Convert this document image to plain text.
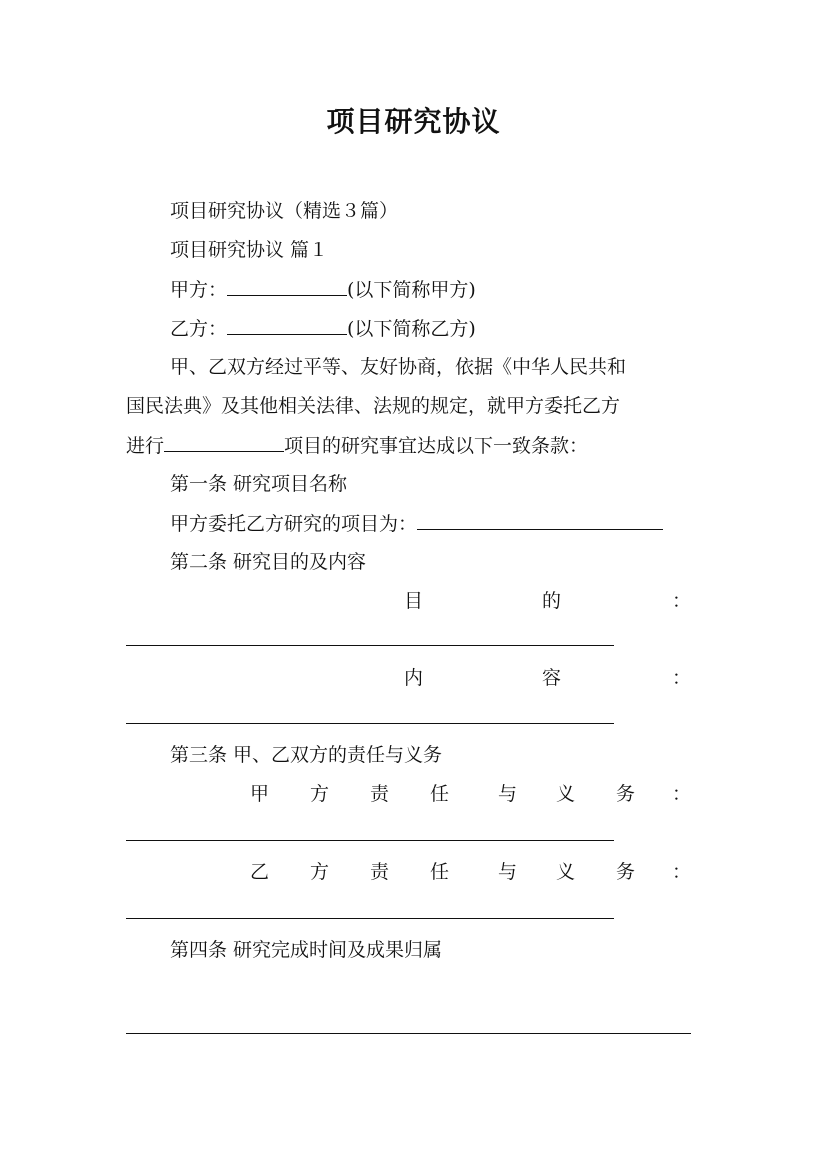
项目研究协议
项目研究协议（精选３篇）
项目研究协议 篇１
甲方：	(以下简称甲方)
乙方：	(以下简称乙方)
甲、乙双方经过平等、友好协商，依据《中华人民共和
国民法典》及其他相关法律、法规的规定，就甲方委托乙方
进行	项目的研究事宜达成以下一致条款：
第一条 研究项目名称
甲方委托乙方研究的项目为：
第二条 研究目的及内容
目	的	：
内	容	：
第三条 甲、乙双方的责任与义务
甲 方 责 任	与 义 务 ：
乙 方 责 任	与 义 务 ：
第四条 研究完成时间及成果归属
